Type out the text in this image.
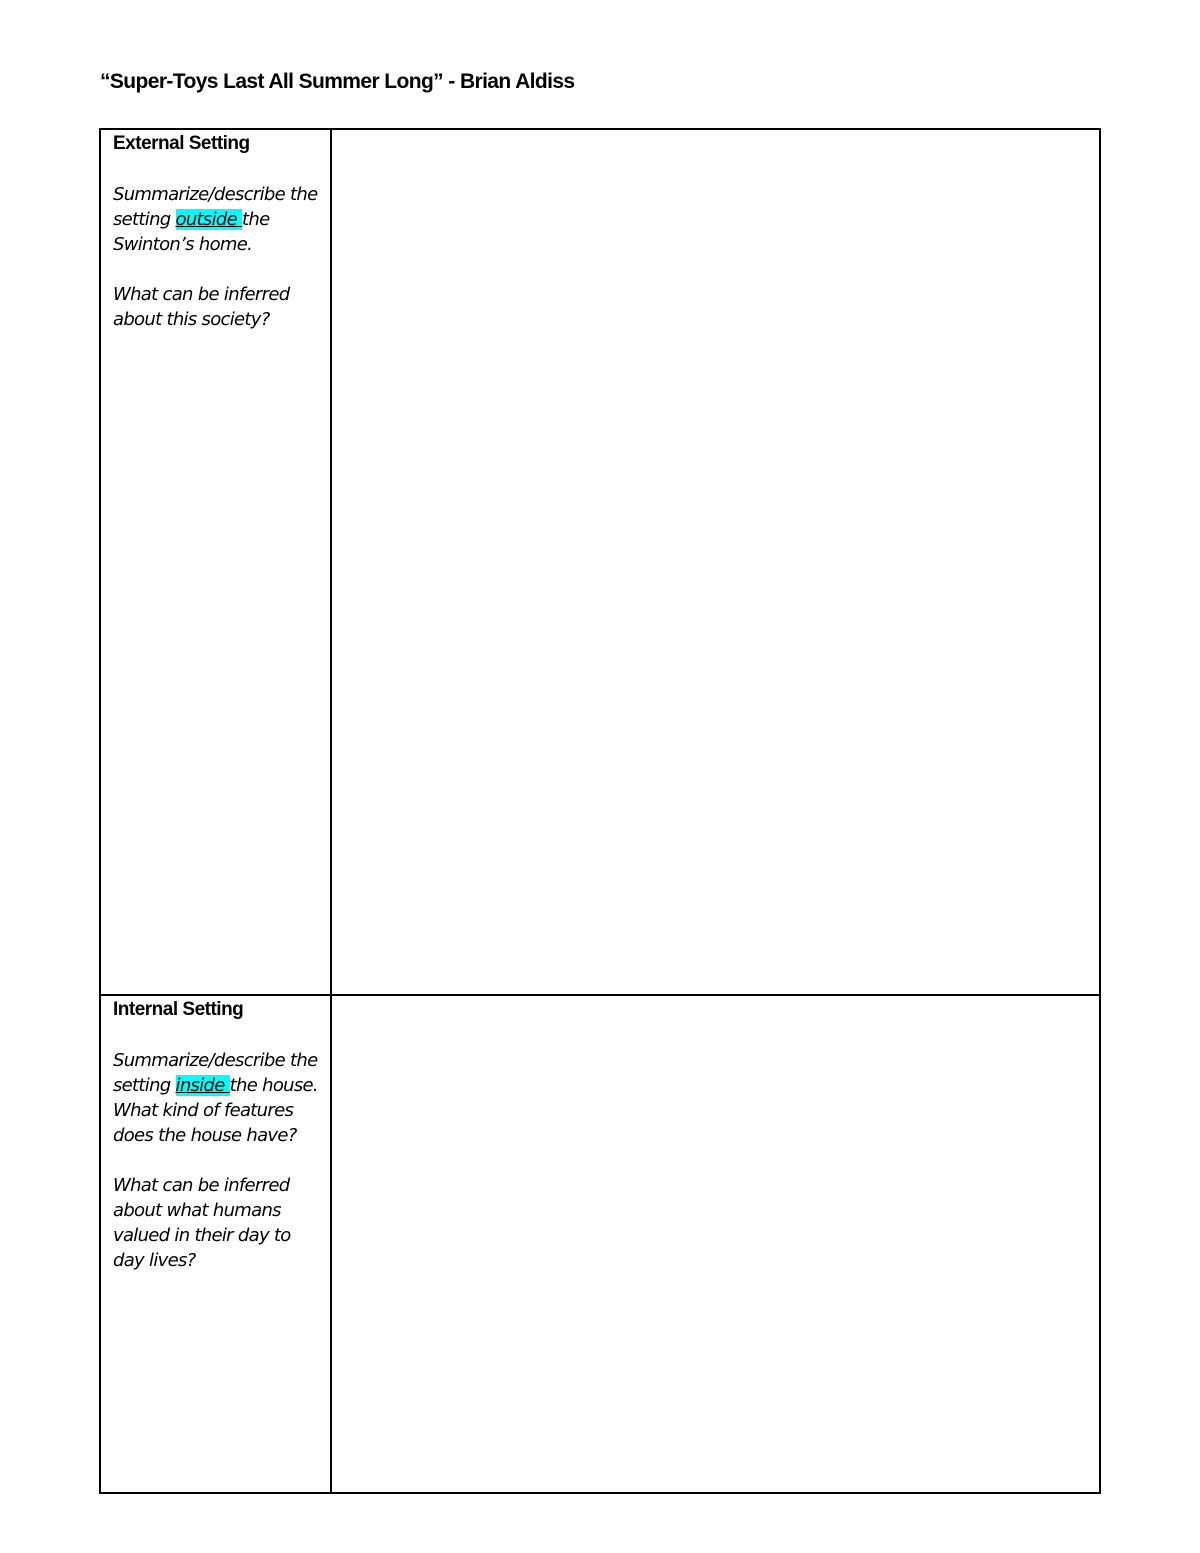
“Super-Toys Last All Summer Long” - Brian Aldiss
External Setting
Summarize/describe the setting outside the Swinton’s home.
What can be inferred about this society?	

Internal Setting
Summarize/describe the setting inside the house. What kind of features does the house have?
What can be inferred about what humans valued in their day to day lives?	
